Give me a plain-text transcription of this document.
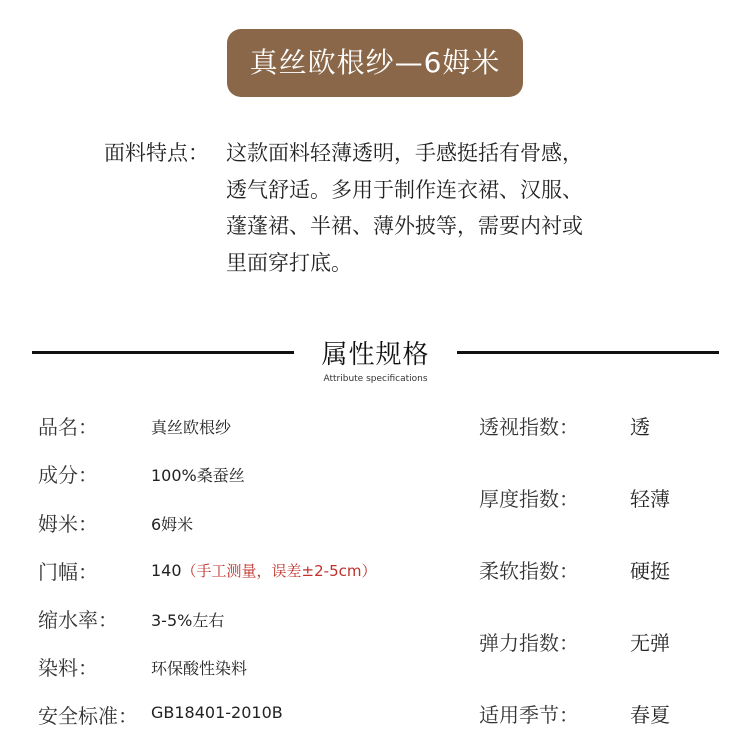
真丝欧根纱—6姆米
面料特点： 这款面料轻薄透明，手感挺括有骨感，
透气舒适。多用于制作连衣裙、汉服、
蓬蓬裙、半裙、薄外披等，需要内衬或
里面穿打底。
属性规格
Attribute specifications
品名：	真丝欧根纱
成分：	100%桑蚕丝
姆米：	6姆米
门幅：	140（手工测量，误差±2-5cm）
缩水率： 3-5%左右
染料：	环保酸性染料
安全标准： GB18401-2010B
透视指数：	透
厚度指数：	轻薄
柔软指数：	硬挺
弹力指数：	无弹
适用季节：	春夏
